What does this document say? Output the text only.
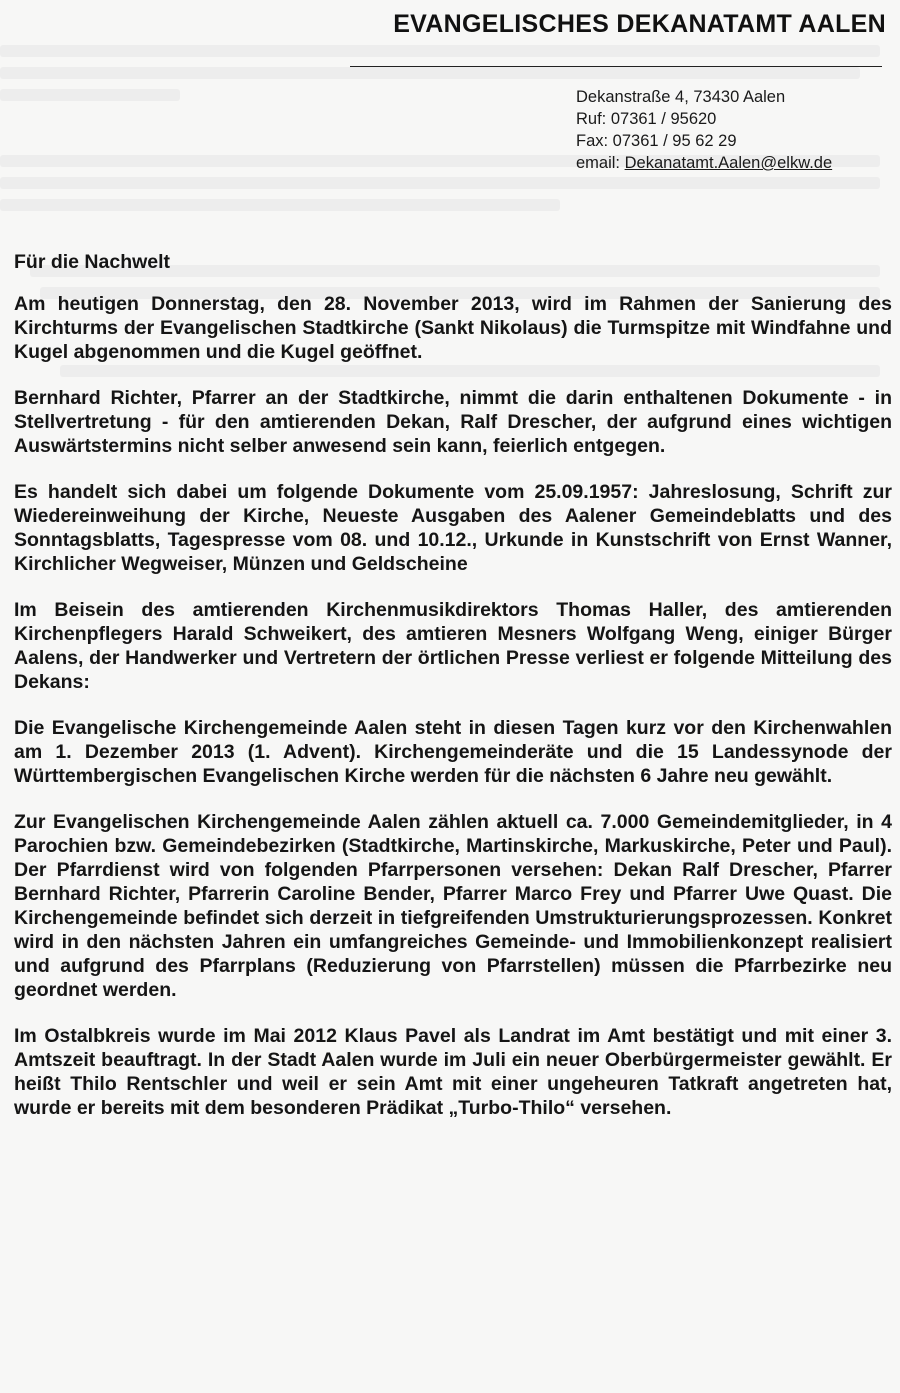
EVANGELISCHES DEKANATAMT AALEN
Dekanstraße 4, 73430 Aalen
Ruf: 07361 / 95620
Fax: 07361 / 95 62 29
email: Dekanatamt.Aalen@elkw.de
Für die Nachwelt

Am heutigen Donnerstag, den 28. November 2013, wird im Rahmen der Sanierung des Kirchturms der Evangelischen Stadtkirche (Sankt Nikolaus) die Turmspitze mit Windfahne und Kugel abgenommen und die Kugel geöffnet.

Bernhard Richter, Pfarrer an der Stadtkirche, nimmt die darin enthaltenen Dokumente - in Stellvertretung - für den amtierenden Dekan, Ralf Drescher, der aufgrund eines wichtigen Auswärtstermins nicht selber anwesend sein kann, feierlich entgegen.

Es handelt sich dabei um folgende Dokumente vom 25.09.1957: Jahreslosung, Schrift zur Wiedereinweihung der Kirche, Neueste Ausgaben des Aalener Gemeindeblatts und des Sonntagsblatts, Tagespresse vom 08. und 10.12., Urkunde in Kunstschrift von Ernst Wanner, Kirchlicher Wegweiser, Münzen und Geldscheine

Im Beisein des amtierenden Kirchenmusikdirektors Thomas Haller, des amtierenden Kirchenpflegers Harald Schweikert, des amtieren Mesners Wolfgang Weng, einiger Bürger Aalens, der Handwerker und Vertretern der örtlichen Presse verliest er folgende Mitteilung des Dekans:

Die Evangelische Kirchengemeinde Aalen steht in diesen Tagen kurz vor den Kirchenwahlen am 1. Dezember 2013 (1. Advent). Kirchengemeinderäte und die 15 Landessynode der Württembergischen Evangelischen Kirche werden für die nächsten 6 Jahre neu gewählt.

Zur Evangelischen Kirchengemeinde Aalen zählen aktuell ca. 7.000 Gemeindemitglieder, in 4 Parochien bzw. Gemeindebezirken (Stadtkirche, Martinskirche, Markuskirche, Peter und Paul). Der Pfarrdienst wird von folgenden Pfarrpersonen versehen: Dekan Ralf Drescher, Pfarrer Bernhard Richter, Pfarrerin Caroline Bender, Pfarrer Marco Frey und Pfarrer Uwe Quast. Die Kirchengemeinde befindet sich derzeit in tiefgreifenden Umstrukturierungsprozessen. Konkret wird in den nächsten Jahren ein umfangreiches Gemeinde- und Immobilienkonzept realisiert und aufgrund des Pfarrplans (Reduzierung von Pfarrstellen) müssen die Pfarrbezirke neu geordnet werden.

Im Ostalbkreis wurde im Mai 2012 Klaus Pavel als Landrat im Amt bestätigt und mit einer 3. Amtszeit beauftragt. In der Stadt Aalen wurde im Juli ein neuer Oberbürgermeister gewählt. Er heißt Thilo Rentschler und weil er sein Amt mit einer ungeheuren Tatkraft angetreten hat, wurde er bereits mit dem besonderen Prädikat „Turbo-Thilo“ versehen.
